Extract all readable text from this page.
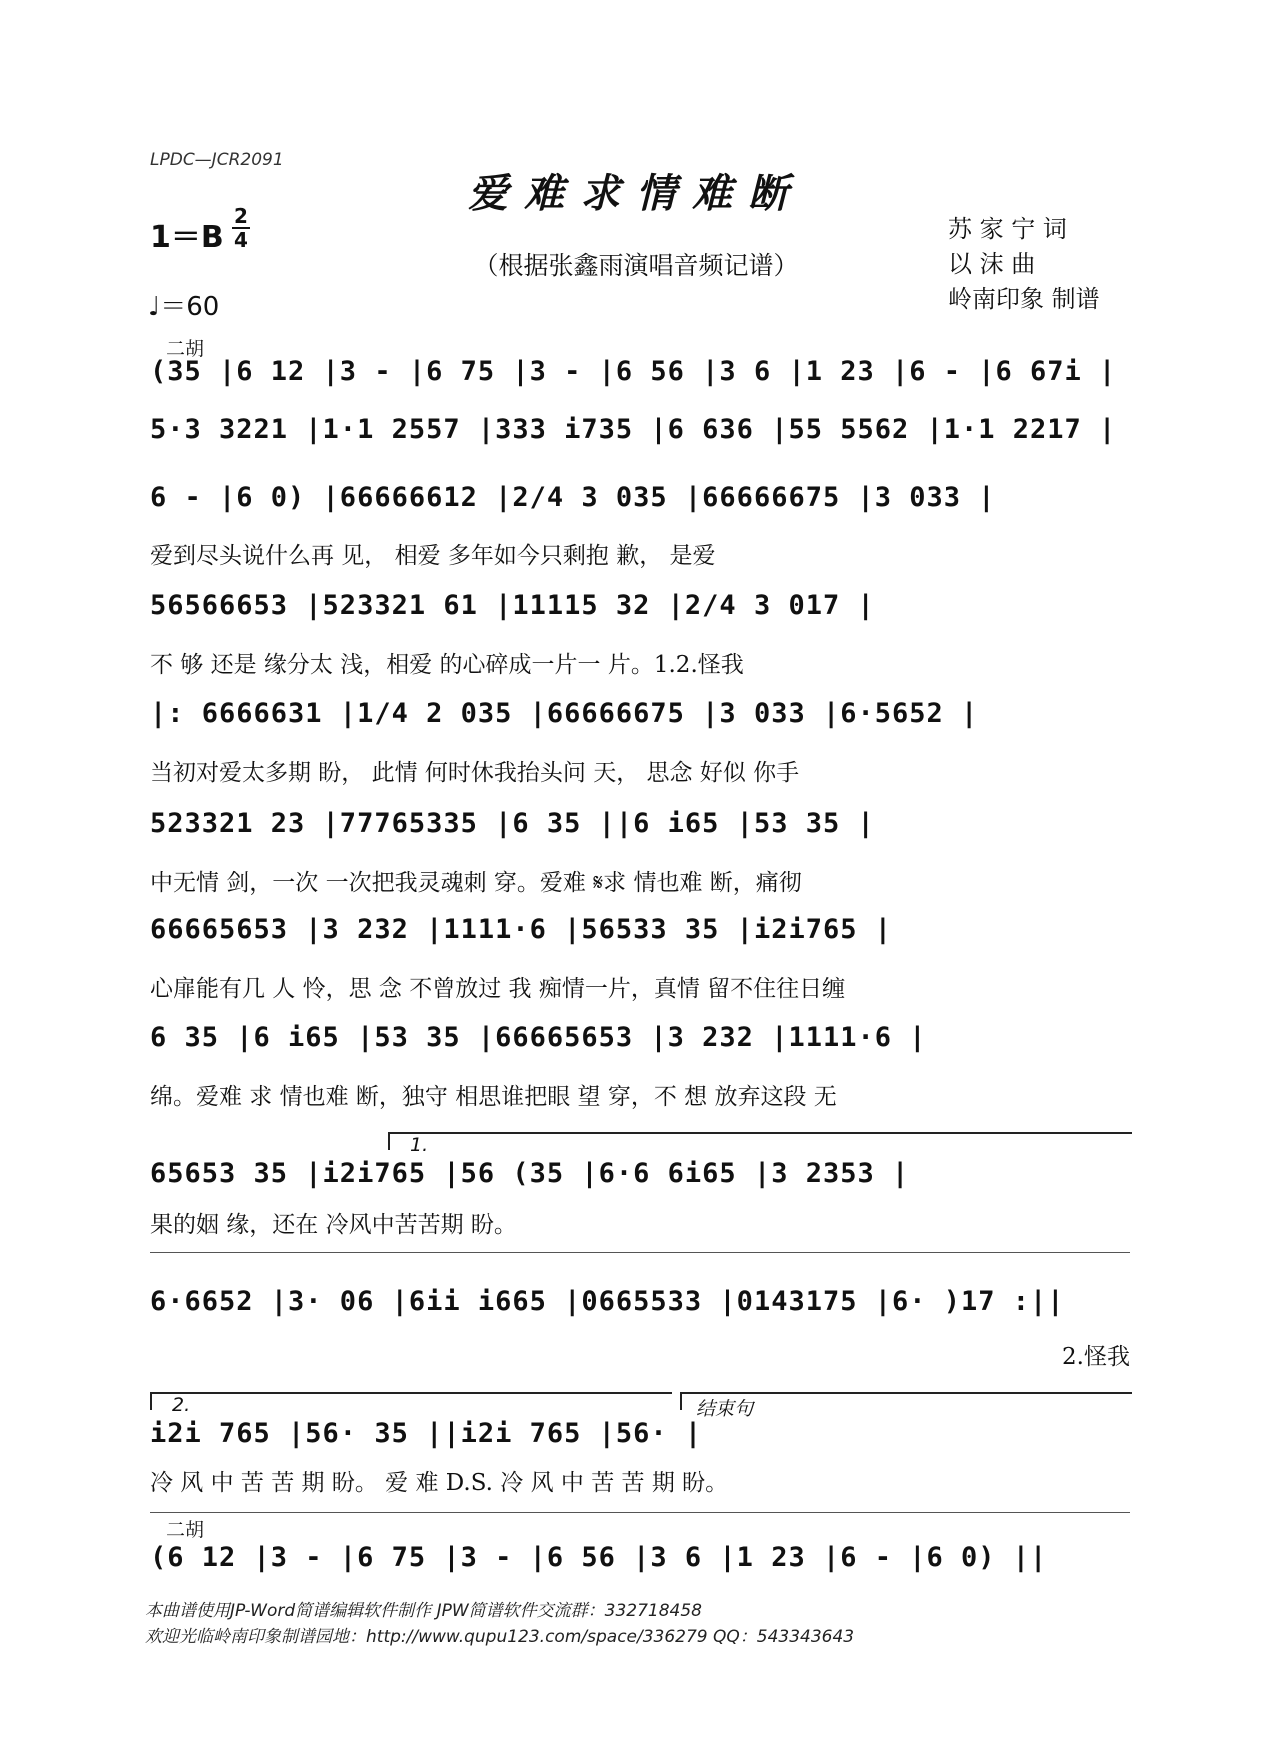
LPDC—JCR2091
爱难求情难断
（根据张鑫雨演唱音频记谱）
1＝B
2
4
♩＝60
苏 家 宁 词
以 沫 曲
岭南印象 制谱
二胡
二胡
1.
2.	结束句
(35 |6 12 |3 - |6 75 |3 - |6 56 |3 6 |1 23 |6 - |6 67i |
5·3 3221 |1·1 2557 |333 i735 |6 636 |55 5562 |1·1 2217 |
6 - |6 0) |66666612 |2/4 3 035 |66666675 |3 033 |
爱到尽头说什么再 见， 相爱 多年如今只剩抱 歉， 是爱
56566653 |523321 61 |11115 32 |2/4 3 017 |
不 够 还是 缘分太 浅，相爱 的心碎成一片一 片。1.2.怪我
|: 6666631 |1/4 2 035 |66666675 |3 033 |6·5652 |
当初对爱太多期 盼， 此情 何时休我抬头问 天， 思念 好似 你手
523321 23 |77765335 |6 35 ||6 i65 |53 35 |
中无情 剑，一次 一次把我灵魂刺 穿。爱难 𝄋求 情也难 断，痛彻
66665653 |3 232 |1111·6 |56533 35 |i2i765 |
心扉能有几 人 怜，思 念 不曾放过 我 痴情一片，真情 留不住往日缠
6 35 |6 i65 |53 35 |66665653 |3 232 |1111·6 |
绵。爱难 求 情也难 断，独守 相思谁把眼 望 穿，不 想 放弃这段 无
65653 35 |i2i765 |56 (35 |6·6 6i65 |3 2353 |
果的姻 缘，还在 冷风中苦苦期 盼。
6·6652 |3· 06 |6ii i665 |0665533 |0143175 |6· )17 :||
2.怪我
i2i 765 |56· 35 ||i2i 765 |56· |
冷 风 中 苦 苦 期 盼。 爱 难 D.S. 冷 风 中 苦 苦 期 盼。
(6 12 |3 - |6 75 |3 - |6 56 |3 6 |1 23 |6 - |6 0) ||
本曲谱使用JP-Word简谱编辑软件制作 JPW简谱软件交流群：332718458
欢迎光临岭南印象制谱园地：http://www.qupu123.com/space/336279 QQ：543343643
